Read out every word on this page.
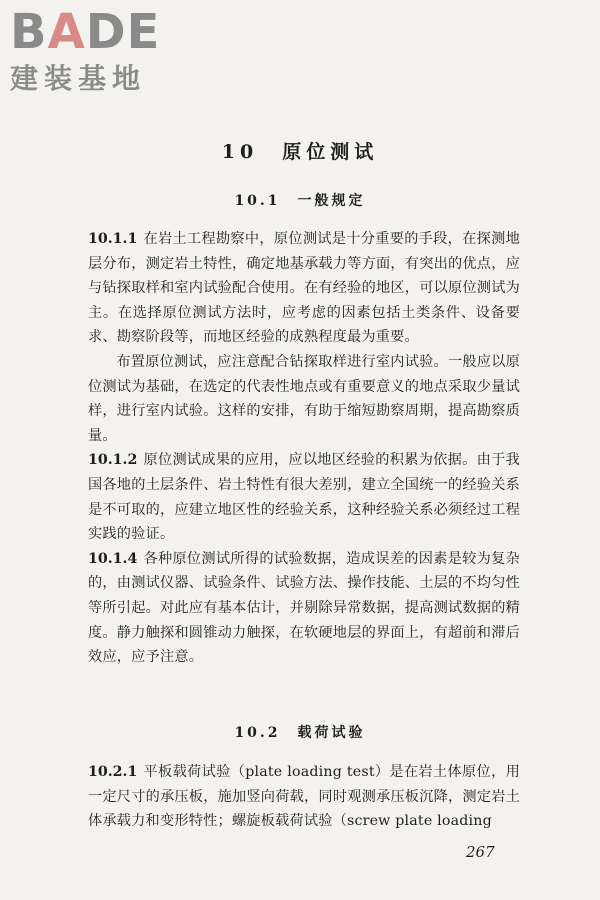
BADE
建装基地
10　原位测试
10.1　一般规定

10.1.1 在岩土工程勘察中，原位测试是十分重要的手段，在探测地层分布，测定岩土特性，确定地基承载力等方面，有突出的优点，应与钻探取样和室内试验配合使用。在有经验的地区，可以原位测试为主。在选择原位测试方法时，应考虑的因素包括土类条件、设备要求、勘察阶段等，而地区经验的成熟程度最为重要。

布置原位测试，应注意配合钻探取样进行室内试验。一般应以原位测试为基础，在选定的代表性地点或有重要意义的地点采取少量试样，进行室内试验。这样的安排，有助于缩短勘察周期，提高勘察质量。

10.1.2 原位测试成果的应用，应以地区经验的积累为依据。由于我国各地的土层条件、岩土特性有很大差别，建立全国统一的经验关系是不可取的，应建立地区性的经验关系，这种经验关系必须经过工程实践的验证。

10.1.4 各种原位测试所得的试验数据，造成误差的因素是较为复杂的，由测试仪器、试验条件、试验方法、操作技能、土层的不均匀性等所引起。对此应有基本估计，并剔除异常数据，提高测试数据的精度。静力触探和圆锥动力触探，在软硬地层的界面上，有超前和滞后效应，应予注意。

10.2　载荷试验

10.2.1 平板载荷试验（plate loading test）是在岩土体原位，用一定尺寸的承压板，施加竖向荷载，同时观测承压板沉降，测定岩土体承载力和变形特性；螺旋板载荷试验（screw plate loading

267
